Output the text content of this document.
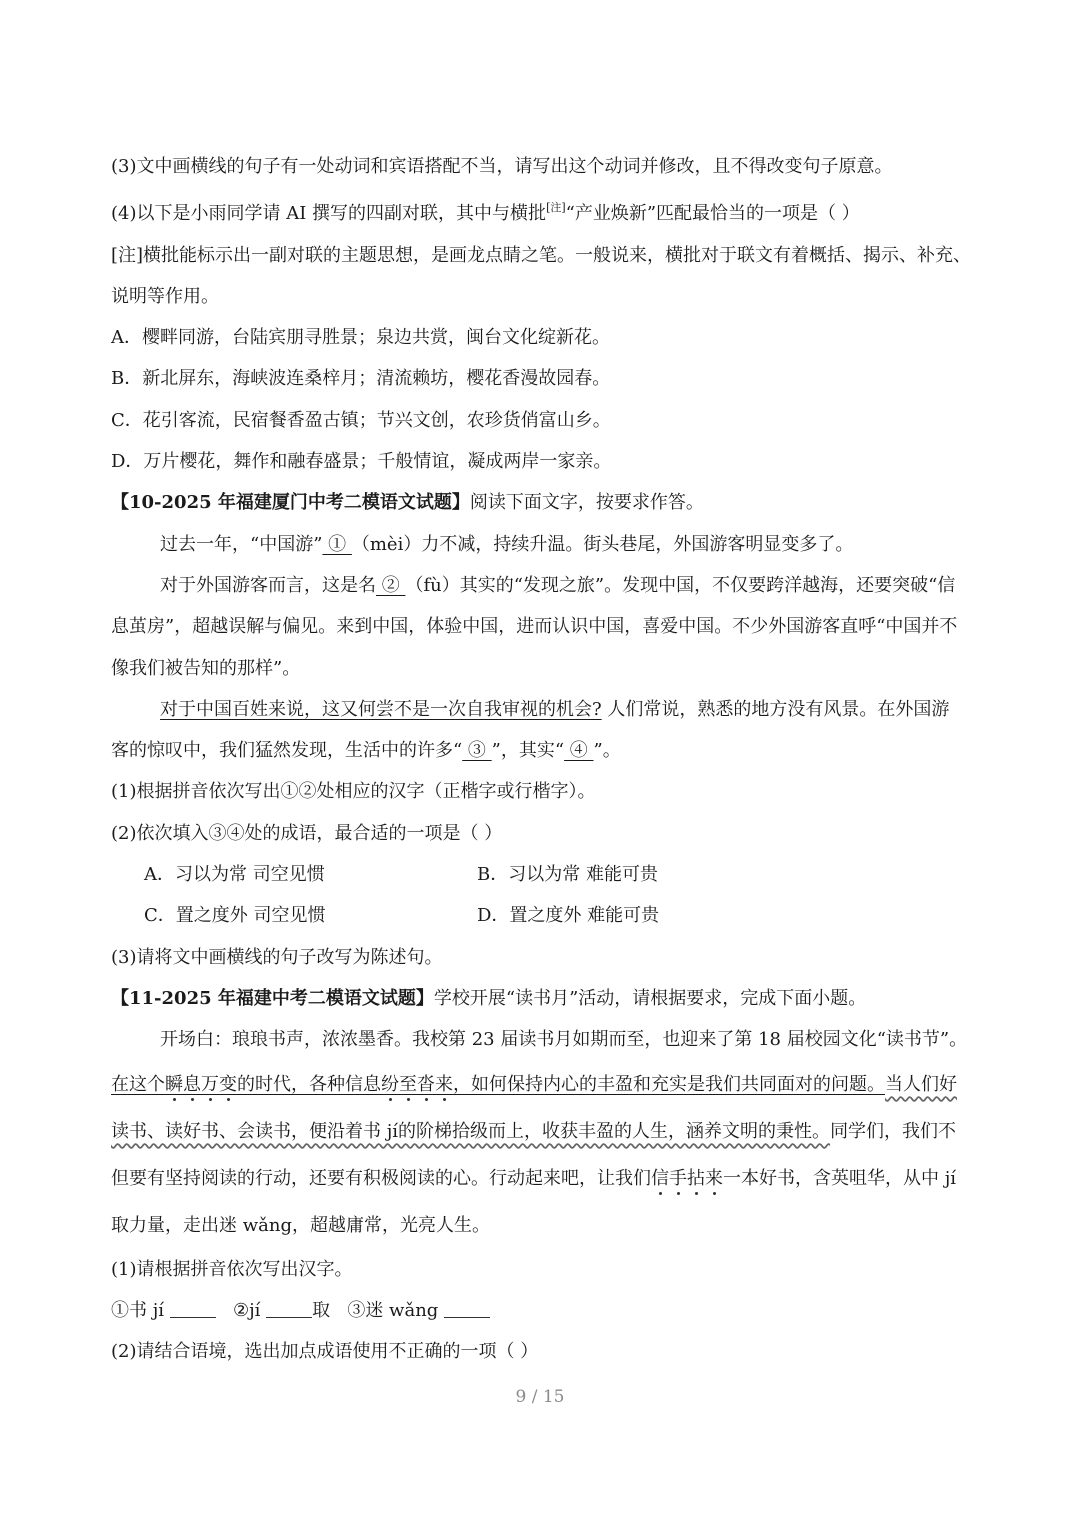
(3)文中画横线的句子有一处动词和宾语搭配不当，请写出这个动词并修改，且不得改变句子原意。
(4)以下是小雨同学请 AI 撰写的四副对联，其中与横批[注]“产业焕新”匹配最恰当的一项是（ ）
[注]横批能标示出一副对联的主题思想，是画龙点睛之笔。一般说来，横批对于联文有着概括、揭示、补充、
说明等作用。
A．樱畔同游，台陆宾朋寻胜景；泉边共赏，闽台文化绽新花。
B．新北屏东，海峡波连桑梓月；清流赖坊，樱花香漫故园春。
C．花引客流，民宿餐香盈古镇；节兴文创，农珍货俏富山乡。
D．万片樱花，舞作和融春盛景；千般情谊，凝成两岸一家亲。
【10-2025 年福建厦门中考二模语文试题】阅读下面文字，按要求作答。
过去一年，“中国游” ① （mèi）力不减，持续升温。街头巷尾，外国游客明显变多了。
对于外国游客而言，这是名 ② （fù）其实的“发现之旅”。发现中国，不仅要跨洋越海，还要突破“信
息茧房”，超越误解与偏见。来到中国，体验中国，进而认识中国，喜爱中国。不少外国游客直呼“中国并不
像我们被告知的那样”。
对于中国百姓来说，这又何尝不是一次自我审视的机会? 人们常说，熟悉的地方没有风景。在外国游
客的惊叹中，我们猛然发现，生活中的许多“ ③ ”，其实“ ④ ”。
(1)根据拼音依次写出①②处相应的汉字（正楷字或行楷字）。
(2)依次填入③④处的成语，最合适的一项是（ ）
A．习以为常 司空见惯	B．习以为常 难能可贵
C．置之度外 司空见惯	D．置之度外 难能可贵
(3)请将文中画横线的句子改写为陈述句。
【11-2025 年福建中考二模语文试题】学校开展“读书月”活动，请根据要求，完成下面小题。
开场白：琅琅书声，浓浓墨香。我校第 23 届读书月如期而至，也迎来了第 18 届校园文化“读书节”。
在这个瞬息万变的时代，各种信息纷至沓来，如何保持内心的丰盈和充实是我们共同面对的问题。当人们好
读书、读好书、会读书，便沿着书 jí的阶梯拾级而上，收获丰盈的人生，涵养文明的秉性。同学们，我们不
但要有坚持阅读的行动，还要有积极阅读的心。行动起来吧，让我们信手拈来一本好书，含英咀华，从中 jí
取力量，走出迷 wǎng，超越庸常，光亮人生。
(1)请根据拼音依次写出汉字。
①书 jí	②jí	取 ③迷 wǎng
(2)请结合语境，选出加点成语使用不正确的一项（ ）
9 / 15
